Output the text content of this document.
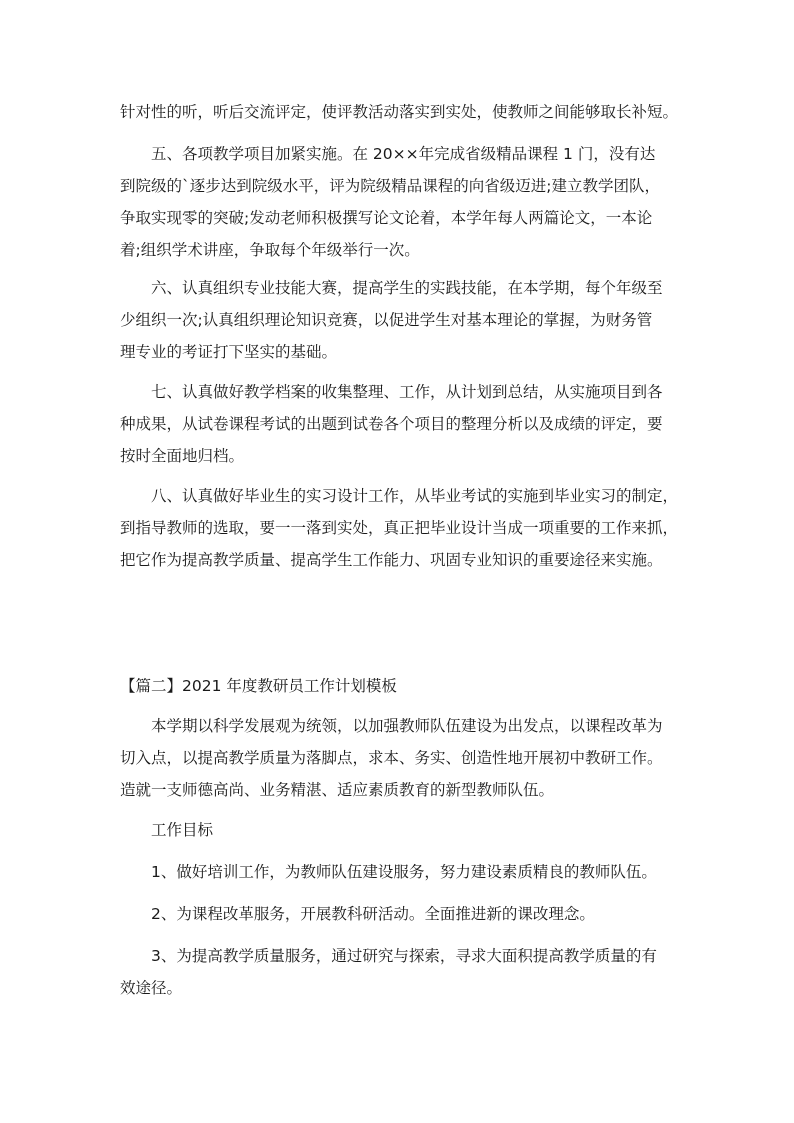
针对性的听，听后交流评定，使评教活动落实到实处，使教师之间能够取长补短。
　　五、各项教学项目加紧实施。在 20××年完成省级精品课程 1 门，没有达
到院级的`逐步达到院级水平，评为院级精品课程的向省级迈进;建立教学团队，
争取实现零的突破;发动老师积极撰写论文论着，本学年每人两篇论文，一本论
着;组织学术讲座，争取每个年级举行一次。
　　六、认真组织专业技能大赛，提高学生的实践技能，在本学期，每个年级至
少组织一次;认真组织理论知识竞赛，以促进学生对基本理论的掌握，为财务管
理专业的考证打下坚实的基础。
　　七、认真做好教学档案的收集整理、工作，从计划到总结，从实施项目到各
种成果，从试卷课程考试的出题到试卷各个项目的整理分析以及成绩的评定，要
按时全面地归档。
　　八、认真做好毕业生的实习设计工作，从毕业考试的实施到毕业实习的制定，
到指导教师的选取，要一一落到实处，真正把毕业设计当成一项重要的工作来抓，
把它作为提高教学质量、提高学生工作能力、巩固专业知识的重要途径来实施。
【篇二】2021 年度教研员工作计划模板
　　本学期以科学发展观为统领，以加强教师队伍建设为出发点，以课程改革为
切入点，以提高教学质量为落脚点，求本、务实、创造性地开展初中教研工作。
造就一支师德高尚、业务精湛、适应素质教育的新型教师队伍。
　　工作目标
　　1、做好培训工作，为教师队伍建设服务，努力建设素质精良的教师队伍。
　　2、为课程改革服务，开展教科研活动。全面推进新的课改理念。
　　3、为提高教学质量服务，通过研究与探索，寻求大面积提高教学质量的有
效途径。
